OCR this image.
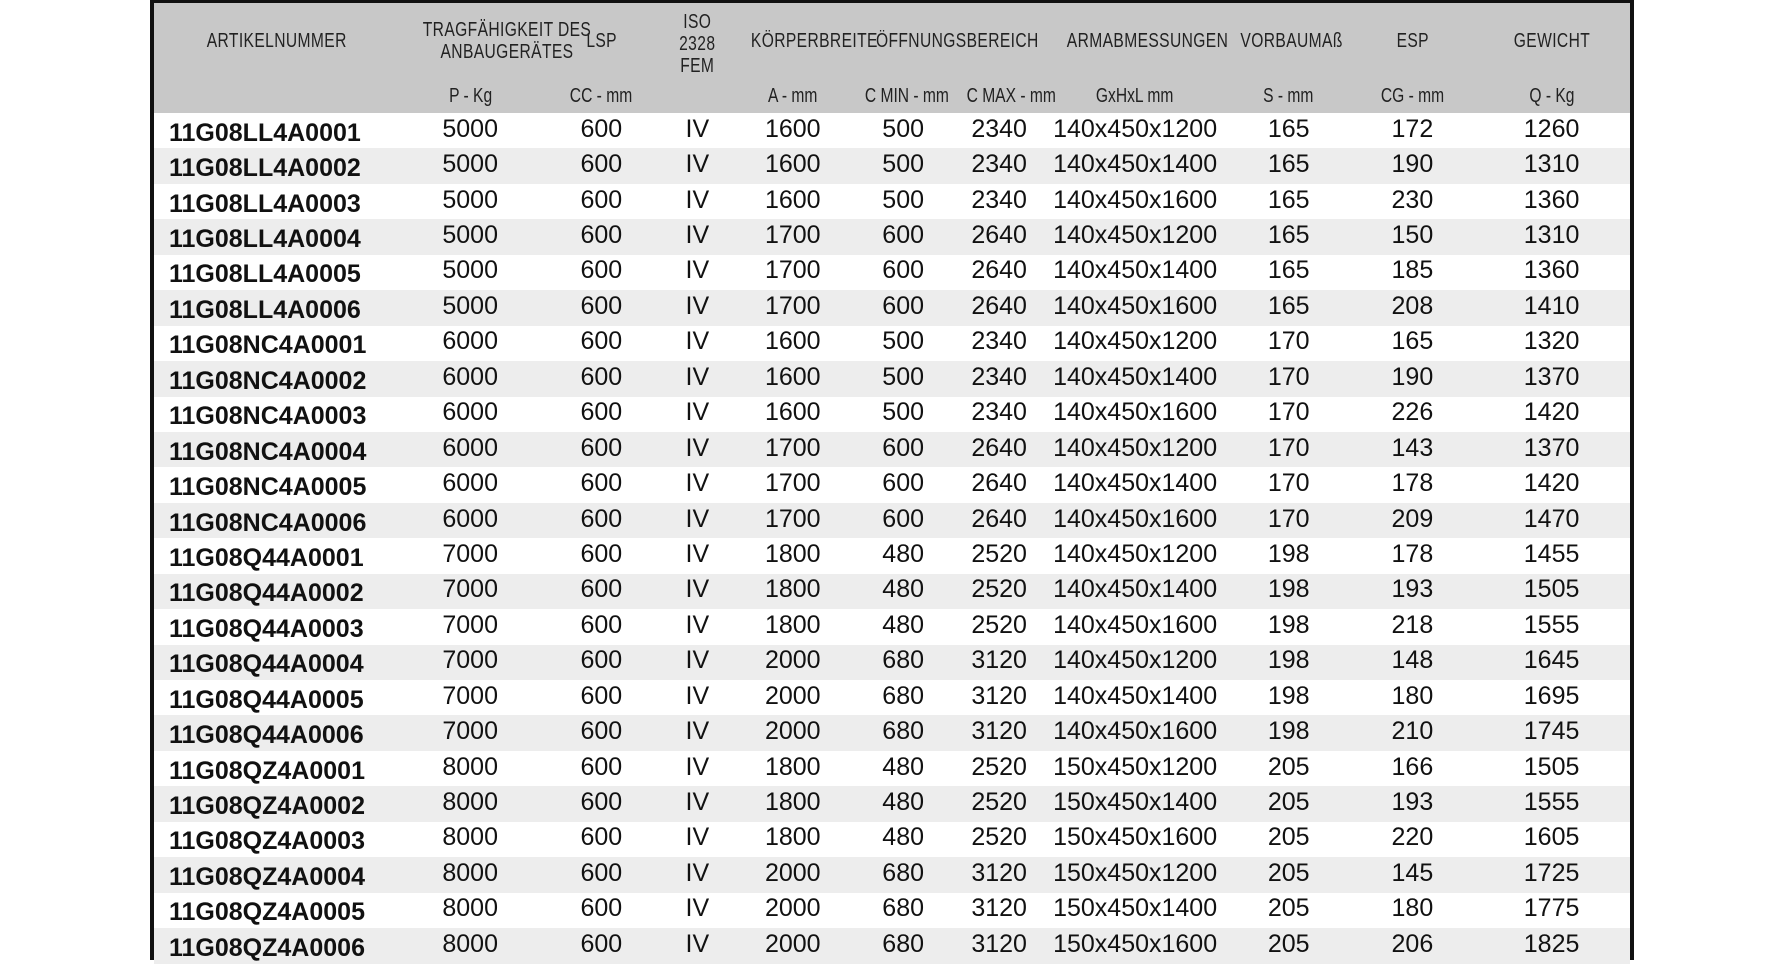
ARTIKELNUMMER	TRAGFÄHIGKEIT DES
ANBAUGERÄTES	LSP	ISO
2328
FEM	KÖRPERBREITE	ÖFFNUNGSBEREICH		ARMABMESSUNGEN	VORBAUMAß	ESP	GEWICHT
	P - Kg	CC - mm		A - mm	C MIN - mm	C MAX - mm	GxHxL mm	S - mm	CG - mm	Q - Kg
11G08LL4A0001	5000	600	IV	1600	500	2340	140x450x1200	165	172	1260
11G08LL4A0002	5000	600	IV	1600	500	2340	140x450x1400	165	190	1310
11G08LL4A0003	5000	600	IV	1600	500	2340	140x450x1600	165	230	1360
11G08LL4A0004	5000	600	IV	1700	600	2640	140x450x1200	165	150	1310
11G08LL4A0005	5000	600	IV	1700	600	2640	140x450x1400	165	185	1360
11G08LL4A0006	5000	600	IV	1700	600	2640	140x450x1600	165	208	1410
11G08NC4A0001	6000	600	IV	1600	500	2340	140x450x1200	170	165	1320
11G08NC4A0002	6000	600	IV	1600	500	2340	140x450x1400	170	190	1370
11G08NC4A0003	6000	600	IV	1600	500	2340	140x450x1600	170	226	1420
11G08NC4A0004	6000	600	IV	1700	600	2640	140x450x1200	170	143	1370
11G08NC4A0005	6000	600	IV	1700	600	2640	140x450x1400	170	178	1420
11G08NC4A0006	6000	600	IV	1700	600	2640	140x450x1600	170	209	1470
11G08Q44A0001	7000	600	IV	1800	480	2520	140x450x1200	198	178	1455
11G08Q44A0002	7000	600	IV	1800	480	2520	140x450x1400	198	193	1505
11G08Q44A0003	7000	600	IV	1800	480	2520	140x450x1600	198	218	1555
11G08Q44A0004	7000	600	IV	2000	680	3120	140x450x1200	198	148	1645
11G08Q44A0005	7000	600	IV	2000	680	3120	140x450x1400	198	180	1695
11G08Q44A0006	7000	600	IV	2000	680	3120	140x450x1600	198	210	1745
11G08QZ4A0001	8000	600	IV	1800	480	2520	150x450x1200	205	166	1505
11G08QZ4A0002	8000	600	IV	1800	480	2520	150x450x1400	205	193	1555
11G08QZ4A0003	8000	600	IV	1800	480	2520	150x450x1600	205	220	1605
11G08QZ4A0004	8000	600	IV	2000	680	3120	150x450x1200	205	145	1725
11G08QZ4A0005	8000	600	IV	2000	680	3120	150x450x1400	205	180	1775
11G08QZ4A0006	8000	600	IV	2000	680	3120	150x450x1600	205	206	1825
